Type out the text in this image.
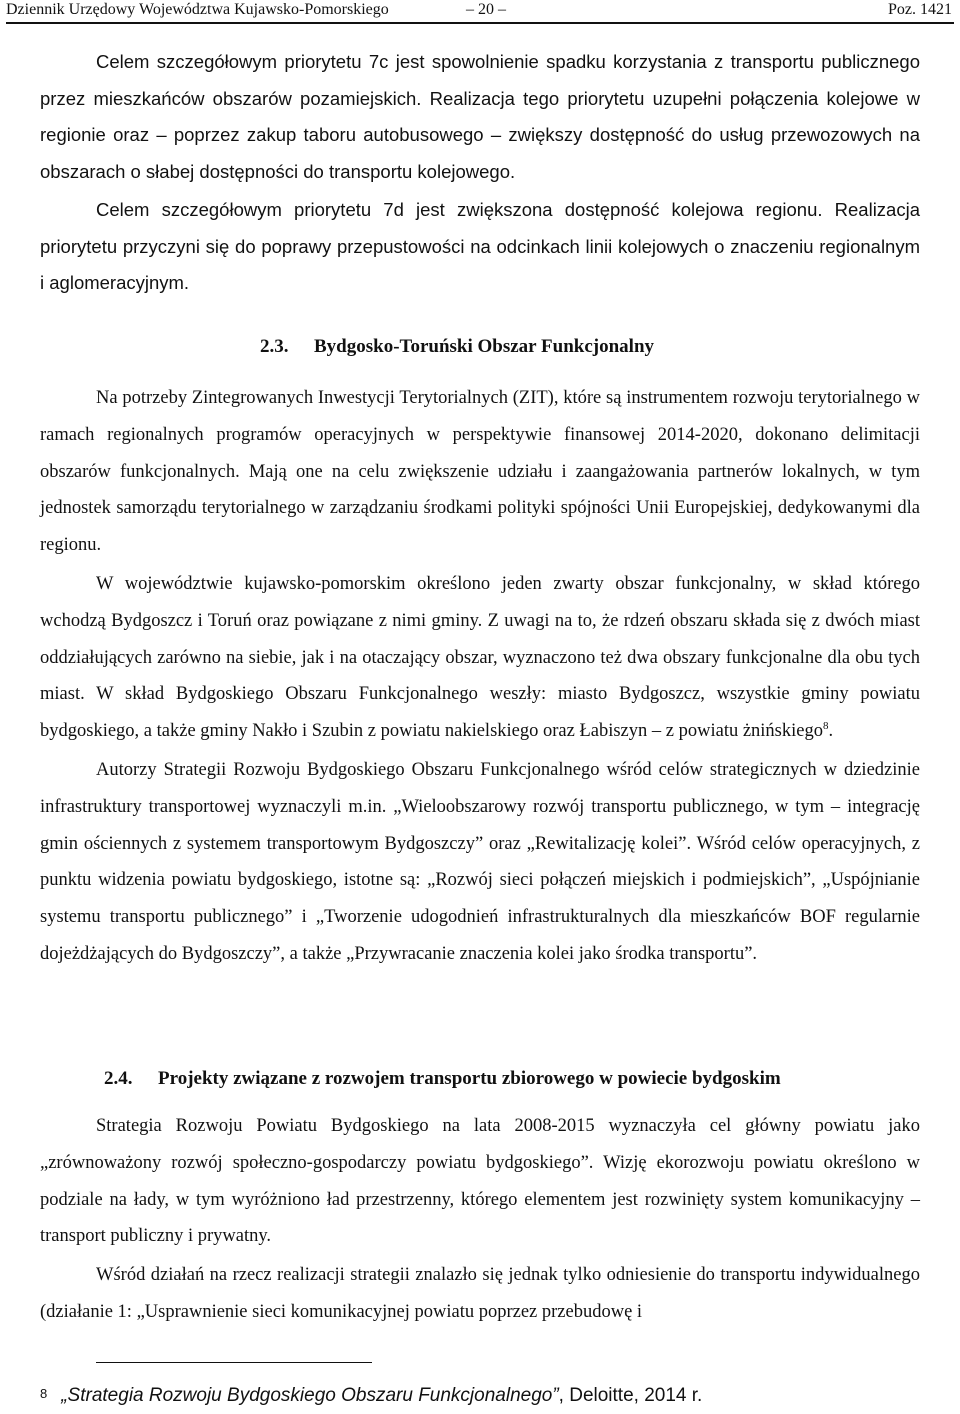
Dziennik Urzędowy Województwa Kujawsko-Pomorskiego	– 20 –	Poz. 1421

Celem szczegółowym priorytetu 7c jest spowolnienie spadku korzystania z transportu publicznego przez mieszkańców obszarów pozamiejskich. Realizacja tego priorytetu uzupełni połączenia kolejowe w regionie oraz – poprzez zakup taboru autobusowego – zwiększy dostępność do usług przewozowych na obszarach o słabej dostępności do transportu kolejowego.

Celem szczegółowym priorytetu 7d jest zwiększona dostępność kolejowa regionu. Realizacja priorytetu przyczyni się do poprawy przepustowości na odcinkach linii kolejowych o znaczeniu regionalnym i aglomeracyjnym.

2.3. Bydgosko-Toruński Obszar Funkcjonalny

Na potrzeby Zintegrowanych Inwestycji Terytorialnych (ZIT), które są instrumentem rozwoju terytorialnego w ramach regionalnych programów operacyjnych w perspektywie finansowej 2014-2020, dokonano delimitacji obszarów funkcjonalnych. Mają one na celu zwiększenie udziału i zaangażowania partnerów lokalnych, w tym jednostek samorządu terytorialnego w zarządzaniu środkami polityki spójności Unii Europejskiej, dedykowanymi dla regionu.

W województwie kujawsko-pomorskim określono jeden zwarty obszar funkcjonalny, w skład którego wchodzą Bydgoszcz i Toruń oraz powiązane z nimi gminy. Z uwagi na to, że rdzeń obszaru składa się z dwóch miast oddziałujących zarówno na siebie, jak i na otaczający obszar, wyznaczono też dwa obszary funkcjonalne dla obu tych miast. W skład Bydgoskiego Obszaru Funkcjonalnego weszły: miasto Bydgoszcz, wszystkie gminy powiatu bydgoskiego, a także gminy Nakło i Szubin z powiatu nakielskiego oraz Łabiszyn – z powiatu żnińskiego$^8$.

Autorzy Strategii Rozwoju Bydgoskiego Obszaru Funkcjonalnego wśród celów strategicznych w dziedzinie infrastruktury transportowej wyznaczyli m.in. „Wieloobszarowy rozwój transportu publicznego, w tym – integrację gmin ościennych z systemem transportowym Bydgoszczy” oraz „Rewitalizację kolei”. Wśród celów operacyjnych, z punktu widzenia powiatu bydgoskiego, istotne są: „Rozwój sieci połączeń miejskich i podmiejskich”, „Uspójnianie systemu transportu publicznego” i „Tworzenie udogodnień infrastrukturalnych dla mieszkańców BOF regularnie dojeżdżających do Bydgoszczy”, a także „Przywracanie znaczenia kolei jako środka transportu”.

2.4. Projekty związane z rozwojem transportu zbiorowego w powiecie bydgoskim

Strategia Rozwoju Powiatu Bydgoskiego na lata 2008-2015 wyznaczyła cel główny powiatu jako „zrównoważony rozwój społeczno-gospodarczy powiatu bydgoskiego”. Wizję ekorozwoju powiatu określono w podziale na łady, w tym wyróżniono ład przestrzenny, którego elementem jest rozwinięty system komunikacyjny – transport publiczny i prywatny.

Wśród działań na rzecz realizacji strategii znalazło się jednak tylko odniesienie do transportu indywidualnego (działanie 1: „Usprawnienie sieci komunikacyjnej powiatu poprzez przebudowę i

$^8$ „Strategia Rozwoju Bydgoskiego Obszaru Funkcjonalnego”, Deloitte, 2014 r.
